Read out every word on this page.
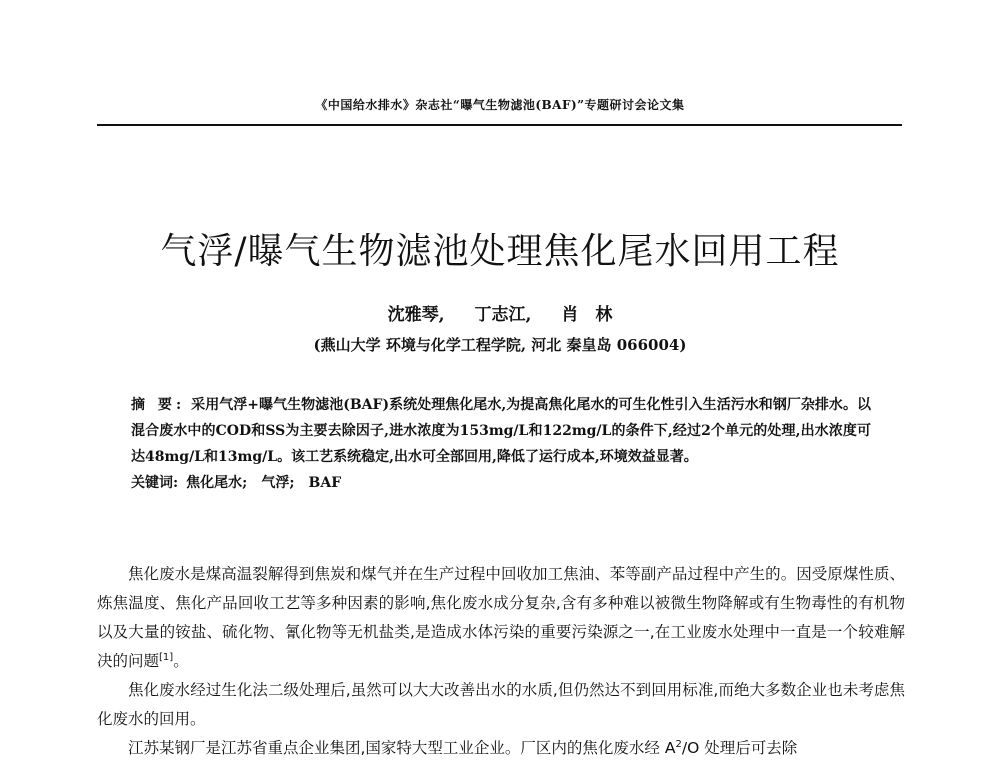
《中国给水排水》杂志社“曝气生物滤池(BAF)”专题研讨会论文集
气浮/曝气生物滤池处理焦化尾水回用工程
沈雅琴, 丁志江, 肖　林
(燕山大学 环境与化学工程学院, 河北 秦皇岛 066004)
摘 要: 采用气浮+曝气生物滤池(BAF)系统处理焦化尾水,为提高焦化尾水的可生化性引入生活污水和钢厂杂排水。以混合废水中的COD和SS为主要去除因子,进水浓度为153mg/L和122mg/L的条件下,经过2个单元的处理,出水浓度可达48mg/L和13mg/L。该工艺系统稳定,出水可全部回用,降低了运行成本,环境效益显著。
关键词: 焦化尾水; 气浮; BAF

焦化废水是煤高温裂解得到焦炭和煤气并在生产过程中回收加工焦油、苯等副产品过程中产生的。因受原煤性质、炼焦温度、焦化产品回收工艺等多种因素的影响,焦化废水成分复杂,含有多种难以被微生物降解或有生物毒性的有机物以及大量的铵盐、硫化物、氰化物等无机盐类,是造成水体污染的重要污染源之一,在工业废水处理中一直是一个较难解决的问题[1]。

焦化废水经过生化法二级处理后,虽然可以大大改善出水的水质,但仍然达不到回用标准,而绝大多数企业也未考虑焦化废水的回用。

江苏某钢厂是江苏省重点企业集团,国家特大型工业企业。厂区内的焦化废水经 $A^2/O$ 处理后可去除
